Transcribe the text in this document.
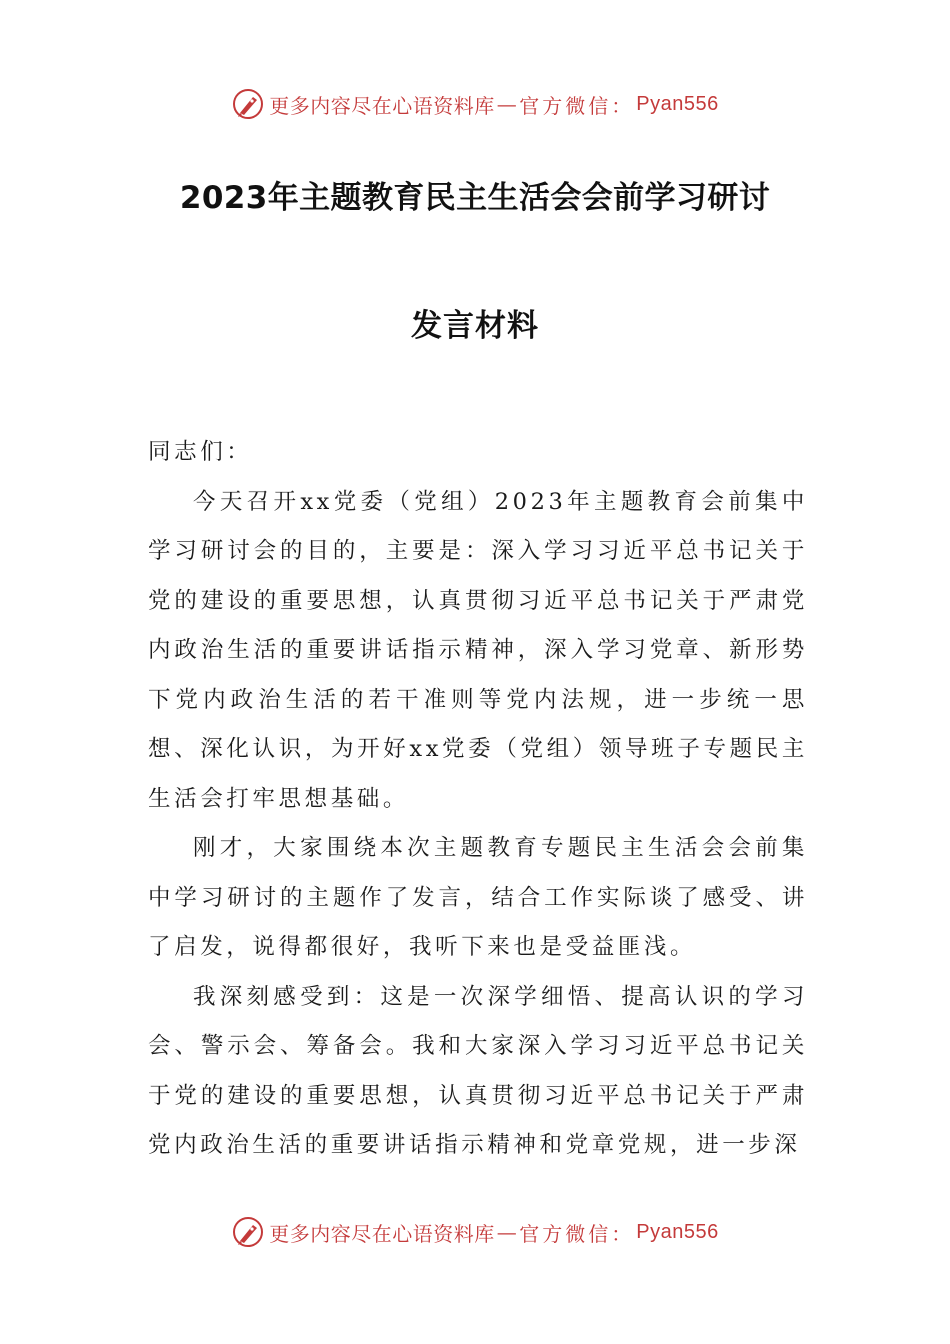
更多内容尽在心语资料库 — 官方微信： Pyan556
2023年主题教育民主生活会会前学习研讨
发言材料

同志们：

今天召开xx党委（党组）2023年主题教育会前集中学习研讨会的目的，主要是：深入学习习近平总书记关于党的建设的重要思想，认真贯彻习近平总书记关于严肃党内政治生活的重要讲话指示精神，深入学习党章、新形势下党内政治生活的若干准则等党内法规，进一步统一思想、深化认识，为开好xx党委（党组）领导班子专题民主生活会打牢思想基础。

刚才，大家围绕本次主题教育专题民主生活会会前集中学习研讨的主题作了发言，结合工作实际谈了感受、讲了启发，说得都很好，我听下来也是受益匪浅。

我深刻感受到：这是一次深学细悟、提高认识的学习会、警示会、筹备会。我和大家深入学习习近平总书记关于党的建设的重要思想，认真贯彻习近平总书记关于严肃党内政治生活的重要讲话指示精神和党章党规，进一步深

更多内容尽在心语资料库 — 官方微信： Pyan556
